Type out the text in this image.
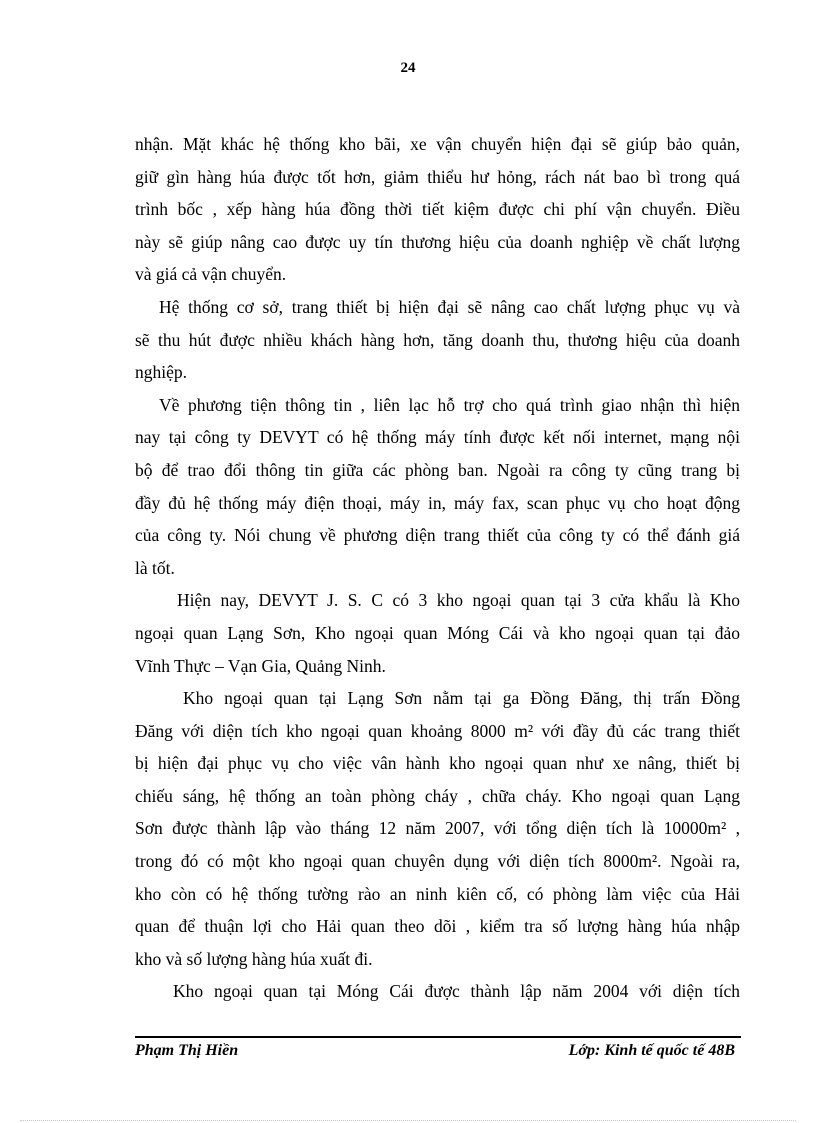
24
nhận. Mặt khác hệ thống kho bãi, xe vận chuyển hiện đại sẽ giúp bảo quản,
giữ gìn hàng húa được tốt hơn, giảm thiểu hư hỏng, rách nát bao bì trong quá
trình bốc , xếp hàng húa đồng thời tiết kiệm được chi phí vận chuyển. Điều
này sẽ giúp nâng cao được uy tín thương hiệu của doanh nghiệp về chất lượng
và giá cả vận chuyển.
Hệ thống cơ sở, trang thiết bị hiện đại sẽ nâng cao chất lượng phục vụ và
sẽ thu hút được nhiều khách hàng hơn, tăng doanh thu, thương hiệu của doanh
nghiệp.
Về phương tiện thông tin , liên lạc hỗ trợ cho quá trình giao nhận thì hiện
nay tại công ty DEVYT có hệ thống máy tính được kết nối internet, mạng nội
bộ để trao đổi thông tin giữa các phòng ban. Ngoài ra công ty cũng trang bị
đầy đủ hệ thống máy điện thoại, máy in, máy fax, scan phục vụ cho hoạt động
của công ty. Nói chung về phương diện trang thiết của công ty có thể đánh giá
là tốt.
Hiện nay, DEVYT J. S. C có 3 kho ngoại quan tại 3 cửa khẩu là Kho
ngoại quan Lạng Sơn, Kho ngoại quan Móng Cái và kho ngoại quan tại đảo
Vĩnh Thực – Vạn Gia, Quảng Ninh.
Kho ngoại quan tại Lạng Sơn nằm tại ga Đồng Đăng, thị trấn Đồng
Đăng với diện tích kho ngoại quan khoảng 8000 m² với đầy đủ các trang thiết
bị hiện đại phục vụ cho việc vân hành kho ngoại quan như xe nâng, thiết bị
chiếu sáng, hệ thống an toàn phòng cháy , chữa cháy. Kho ngoại quan Lạng
Sơn được thành lập vào tháng 12 năm 2007, với tổng diện tích là 10000m² ,
trong đó có một kho ngoại quan chuyên dụng với diện tích 8000m². Ngoài ra,
kho còn có hệ thống tường rào an ninh kiên cố, có phòng làm việc của Hải
quan để thuận lợi cho Hải quan theo dõi , kiểm tra số lượng hàng húa nhập
kho và số lượng hàng húa xuất đi.
Kho ngoại quan tại Móng Cái được thành lập năm 2004 với diện tích
Phạm Thị Hiền	Lớp: Kinh tế quốc tế 48B
